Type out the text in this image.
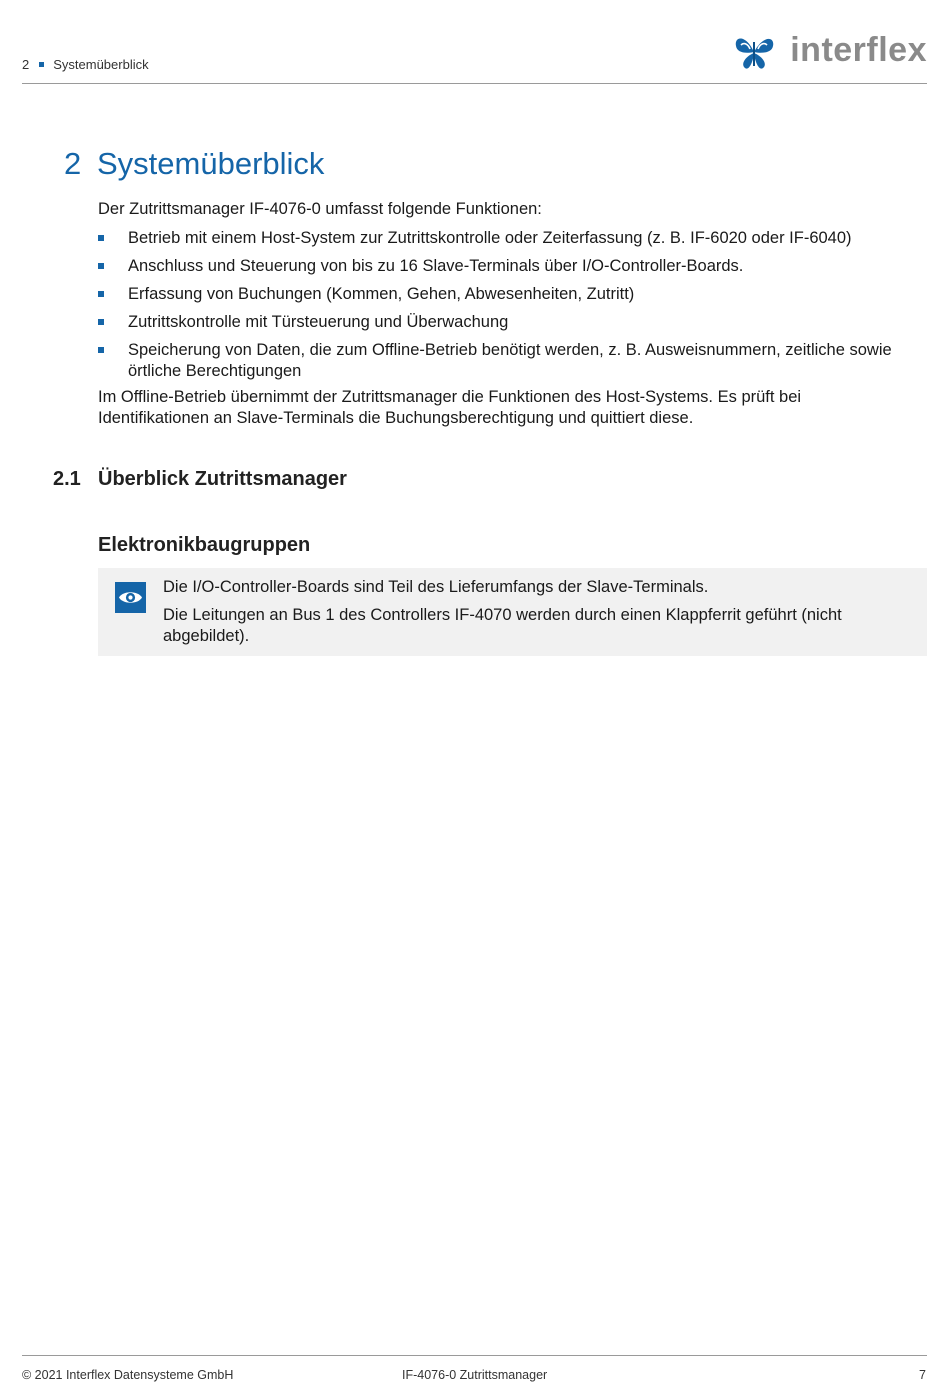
2 Systemüberblick	interflex
2 Systemüberblick
Der Zutrittsmanager IF-4076-0 umfasst folgende Funktionen:
Betrieb mit einem Host-System zur Zutrittskontrolle oder Zeiterfassung (z. B. IF-6020 oder IF-6040)
Anschluss und Steuerung von bis zu 16 Slave-Terminals über I/O-Controller-Boards.
Erfassung von Buchungen (Kommen, Gehen, Abwesenheiten, Zutritt)
Zutrittskontrolle mit Türsteuerung und Überwachung
Speicherung von Daten, die zum Offline-Betrieb benötigt werden, z. B. Ausweisnummern, zeitliche sowie örtliche Berechtigungen
Im Offline-Betrieb übernimmt der Zutrittsmanager die Funktionen des Host-Systems. Es prüft bei Identifikationen an Slave-Terminals die Buchungsberechtigung und quittiert diese.
2.1 Überblick Zutrittsmanager
Elektronikbaugruppen

Die I/O-Controller-Boards sind Teil des Lieferumfangs der Slave-Terminals.

Die Leitungen an Bus 1 des Controllers IF-4070 werden durch einen Klappferrit geführt (nicht abgebildet).

© 2021 Interflex Datensysteme GmbH	IF-4076-0 Zutrittsmanager	7
